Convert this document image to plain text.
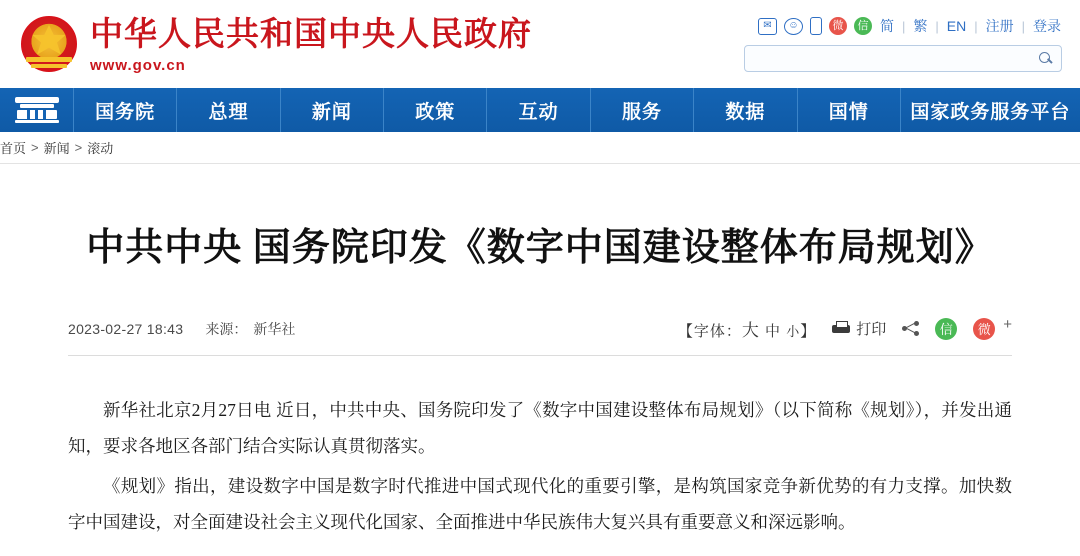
中华人民共和国中央人民政府
www.gov.cn
✉	☺	微	信 简 | 繁 | EN | 注册 | 登录
国务院	总理	新闻	政策	互动	服务	数据	国情	国家政务服务平台
首页 > 新闻 > 滚动
中共中央 国务院印发《数字中国建设整体布局规划》
2023-02-27 18:43 来源： 新华社	【字体：大 中 小】	打印	信	微 +

新华社北京2月27日电 近日，中共中央、国务院印发了《数字中国建设整体布局规划》（以下简称《规划》），并发出通知，要求各地区各部门结合实际认真贯彻落实。

《规划》指出，建设数字中国是数字时代推进中国式现代化的重要引擎，是构筑国家竞争新优势的有力支撑。加快数字中国建设，对全面建设社会主义现代化国家、全面推进中华民族伟大复兴具有重要意义和深远影响。
